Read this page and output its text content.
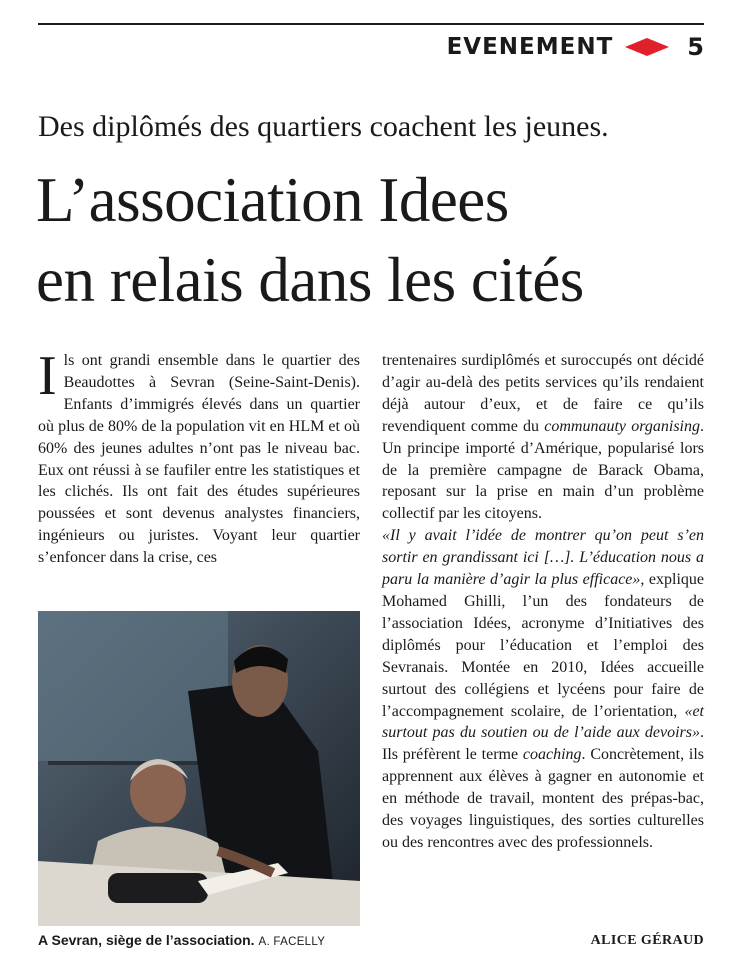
EVENEMENT	5
Des diplômés des quartiers coachent les jeunes.
L’association Idees
en relais dans les cités
I ls ont grandi ensemble dans le quartier des Beaudottes à Sevran (Seine-Saint-Denis). Enfants d’immigrés élevés dans un quartier où plus de 80% de la population vit en HLM et où 60% des jeunes adultes n’ont pas le niveau bac. Eux ont réussi à se faufiler entre les statistiques et les clichés. Ils ont fait des études supérieures poussées et sont devenus analystes financiers, ingénieurs ou juristes. Voyant leur quartier s’enfoncer dans la crise, ces

A Sevran, siège de l’association. A. FACELLY

trentenaires surdiplômés et suroccupés ont décidé d’agir au-delà des petits services qu’ils rendaient déjà autour d’eux, et de faire ce qu’ils revendiquent comme du communauty organising. Un principe importé d’Amérique, popularisé lors de la première campagne de Barack Obama, reposant sur la prise en main d’un problème collectif par les citoyens.

«Il y avait l’idée de montrer qu’on peut s’en sortir en grandissant ici […]. L’éducation nous a paru la manière d’agir la plus efficace», explique Mohamed Ghilli, l’un des fondateurs de l’association Idées, acronyme d’Initiatives des diplômés pour l’éducation et l’emploi des Sevranais. Montée en 2010, Idées accueille surtout des collégiens et lycéens pour faire de l’accompagnement scolaire, de l’orientation, «et surtout pas du soutien ou de l’aide aux devoirs». Ils préfèrent le terme coaching. Concrètement, ils apprennent aux élèves à gagner en autonomie et en méthode de travail, montent des prépas-bac, des voyages linguistiques, des sorties culturelles ou des rencontres avec des professionnels.

ALICE GÉRAUD
